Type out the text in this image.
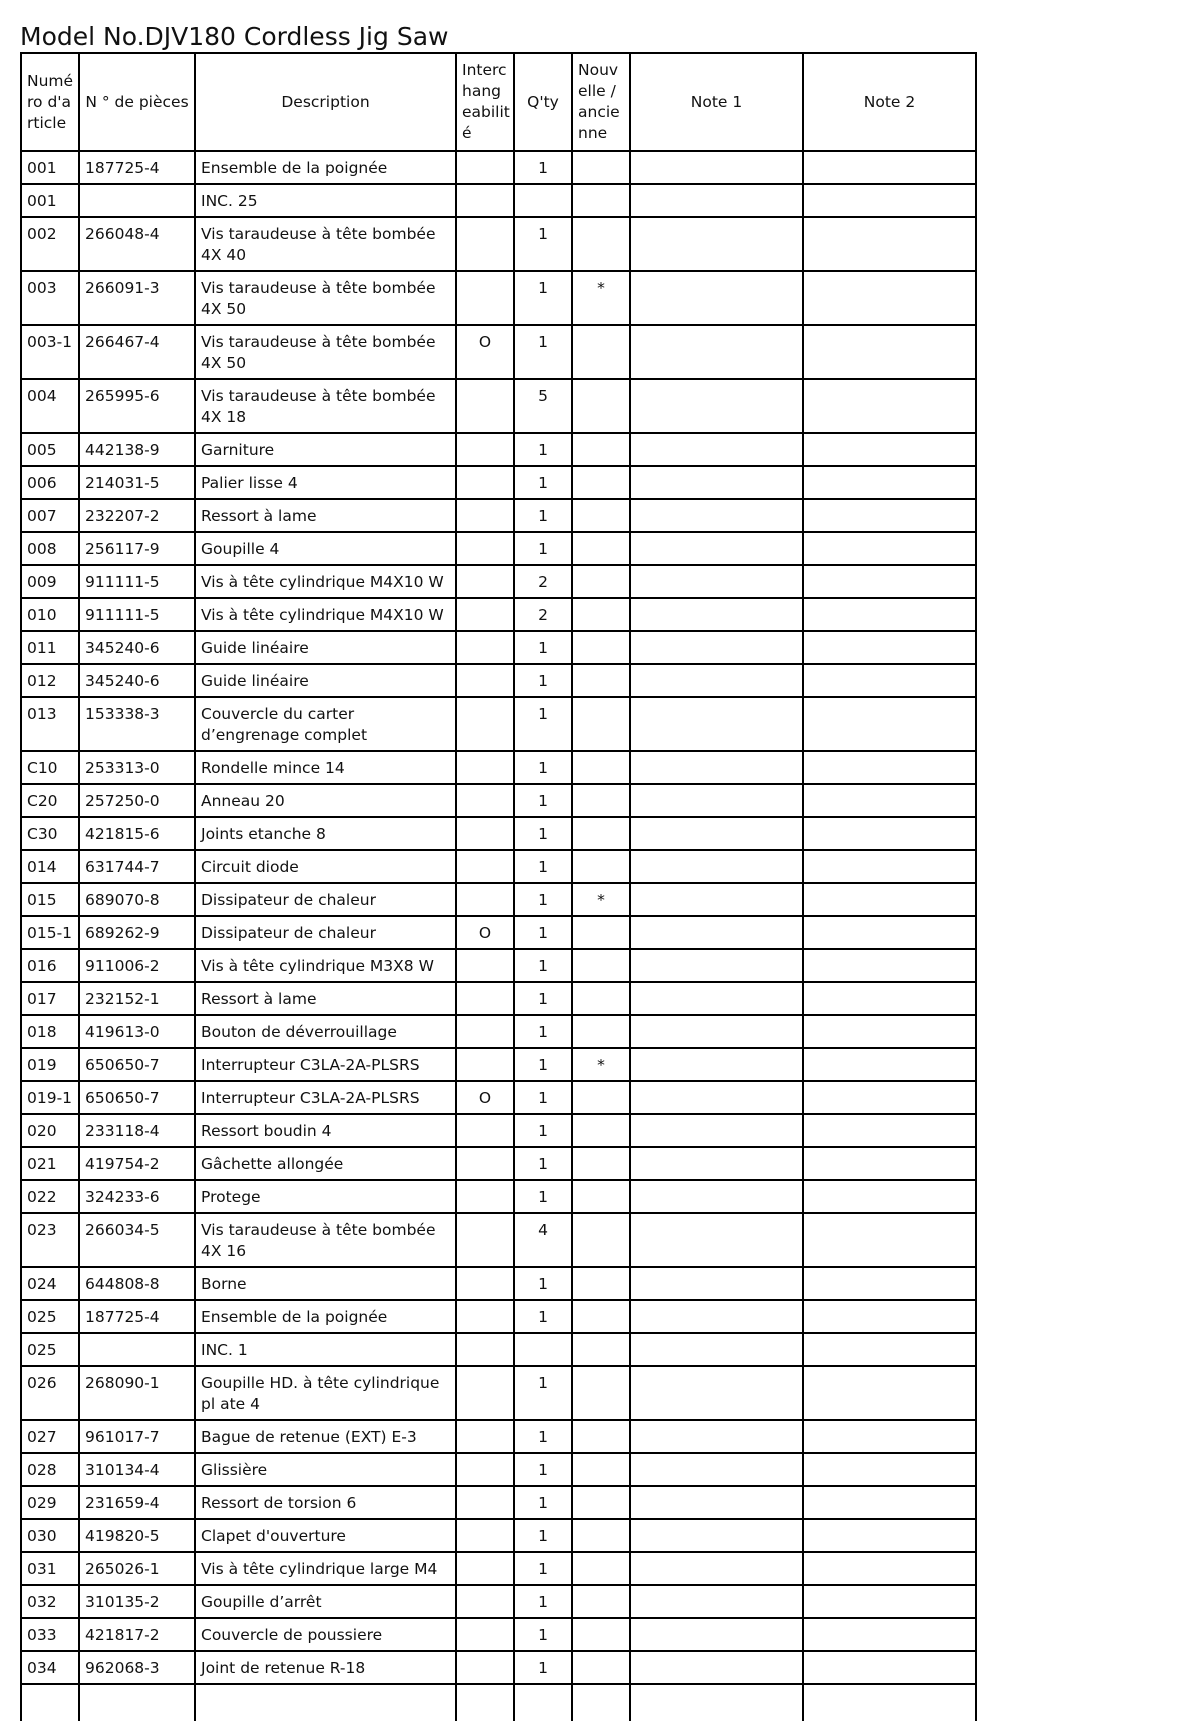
Model No.DJV180 Cordless Jig Saw
Numé ro d'a rticle	N ° de pièces	Description	Interc hang eabilit é	Q'ty	Nouv elle / ancie nne	Note 1	Note 2
001	187725-4	Ensemble de la poignée		1			
001		INC. 25					
002	266048-4	Vis taraudeuse à tête bombée 4X 40		1			
003	266091-3	Vis taraudeuse à tête bombée 4X 50		1	*		
003-1	266467-4	Vis taraudeuse à tête bombée 4X 50	O	1			
004	265995-6	Vis taraudeuse à tête bombée 4X 18		5			
005	442138-9	Garniture		1			
006	214031-5	Palier lisse 4		1			
007	232207-2	Ressort à lame		1			
008	256117-9	Goupille 4		1			
009	911111-5	Vis à tête cylindrique M4X10 W		2			
010	911111-5	Vis à tête cylindrique M4X10 W		2			
011	345240-6	Guide linéaire		1			
012	345240-6	Guide linéaire		1			
013	153338-3	Couvercle du carter d’engrenage complet		1			
C10	253313-0	Rondelle mince 14		1			
C20	257250-0	Anneau 20		1			
C30	421815-6	Joints etanche 8		1			
014	631744-7	Circuit diode		1			
015	689070-8	Dissipateur de chaleur		1	*		
015-1	689262-9	Dissipateur de chaleur	O	1			
016	911006-2	Vis à tête cylindrique M3X8 W		1			
017	232152-1	Ressort à lame		1			
018	419613-0	Bouton de déverrouillage		1			
019	650650-7	Interrupteur C3LA-2A-PLSRS		1	*		
019-1	650650-7	Interrupteur C3LA-2A-PLSRS	O	1			
020	233118-4	Ressort boudin 4		1			
021	419754-2	Gâchette allongée		1			
022	324233-6	Protege		1			
023	266034-5	Vis taraudeuse à tête bombée 4X 16		4			
024	644808-8	Borne		1			
025	187725-4	Ensemble de la poignée		1			
025		INC. 1					
026	268090-1	Goupille HD. à tête cylindrique pl ate 4		1			
027	961017-7	Bague de retenue (EXT) E-3		1			
028	310134-4	Glissière		1			
029	231659-4	Ressort de torsion 6		1			
030	419820-5	Clapet d'ouverture		1			
031	265026-1	Vis à tête cylindrique large M4		1			
032	310135-2	Goupille d’arrêt		1			
033	421817-2	Couvercle de poussiere		1			
034	962068-3	Joint de retenue R-18		1			
